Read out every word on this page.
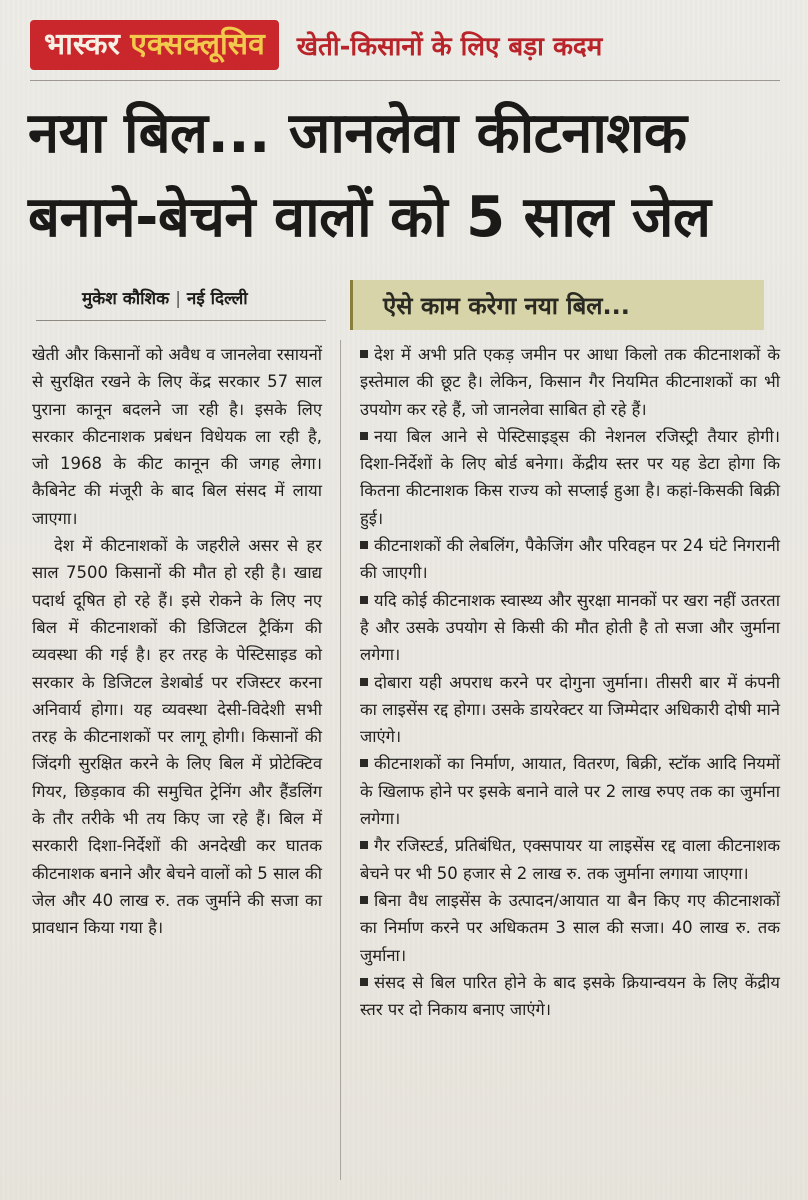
भास्कर एक्सक्लूसिव	खेती-किसानों के लिए बड़ा कदम
नया बिल... जानलेवा कीटनाशक
बनाने-बेचने वालों को 5 साल जेल
मुकेश कौशिक | नई दिल्ली	ऐसे काम करेगा नया बिल...

खेती और किसानों को अवैध व जानलेवा रसायनों से सुरक्षित रखने के लिए केंद्र सरकार 57 साल पुराना कानून बदलने जा रही है। इसके लिए सरकार कीटनाशक प्रबंधन विधेयक ला रही है, जो 1968 के कीट कानून की जगह लेगा। कैबिनेट की मंजूरी के बाद बिल संसद में लाया जाएगा।

देश में कीटनाशकों के जहरीले असर से हर साल 7500 किसानों की मौत हो रही है। खाद्य पदार्थ दूषित हो रहे हैं। इसे रोकने के लिए नए बिल में कीटनाशकों की डिजिटल ट्रैकिंग की व्यवस्था की गई है। हर तरह के पेस्टिसाइड को सरकार के डिजिटल डेशबोर्ड पर रजिस्टर करना अनिवार्य होगा। यह व्यवस्था देसी-विदेशी सभी तरह के कीटनाशकों पर लागू होगी। किसानों की जिंदगी सुरक्षित करने के लिए बिल में प्रोटेक्टिव गियर, छिड़काव की समुचित ट्रेनिंग और हैंडलिंग के तौर तरीके भी तय किए जा रहे हैं। बिल में सरकारी दिशा-निर्देशों की अनदेखी कर घातक कीटनाशक बनाने और बेचने वालों को 5 साल की जेल और 40 लाख रु. तक जुर्माने की सजा का प्रावधान किया गया है।

देश में अभी प्रति एकड़ जमीन पर आधा किलो तक कीटनाशकों के इस्तेमाल की छूट है। लेकिन, किसान गैर नियमित कीटनाशकों का भी उपयोग कर रहे हैं, जो जानलेवा साबित हो रहे हैं।

नया बिल आने से पेस्टिसाइड्स की नेशनल रजिस्ट्री तैयार होगी। दिशा-निर्देशों के लिए बोर्ड बनेगा। केंद्रीय स्तर पर यह डेटा होगा कि कितना कीटनाशक किस राज्य को सप्लाई हुआ है। कहां-किसकी बिक्री हुई।

कीटनाशकों की लेबलिंग, पैकेजिंग और परिवहन पर 24 घंटे निगरानी की जाएगी।

यदि कोई कीटनाशक स्वास्थ्य और सुरक्षा मानकों पर खरा नहीं उतरता है और उसके उपयोग से किसी की मौत होती है तो सजा और जुर्माना लगेगा।

दोबारा यही अपराध करने पर दोगुना जुर्माना। तीसरी बार में कंपनी का लाइसेंस रद्द होगा। उसके डायरेक्टर या जिम्मेदार अधिकारी दोषी माने जाएंगे।

कीटनाशकों का निर्माण, आयात, वितरण, बिक्री, स्टॉक आदि नियमों के खिलाफ होने पर इसके बनाने वाले पर 2 लाख रुपए तक का जुर्माना लगेगा।

गैर रजिस्टर्ड, प्रतिबंधित, एक्सपायर या लाइसेंस रद्द वाला कीटनाशक बेचने पर भी 50 हजार से 2 लाख रु. तक जुर्माना लगाया जाएगा।

बिना वैध लाइसेंस के उत्पादन/आयात या बैन किए गए कीटनाशकों का निर्माण करने पर अधिकतम 3 साल की सजा। 40 लाख रु. तक जुर्माना।

संसद से बिल पारित होने के बाद इसके क्रियान्वयन के लिए केंद्रीय स्तर पर दो निकाय बनाए जाएंगे।
